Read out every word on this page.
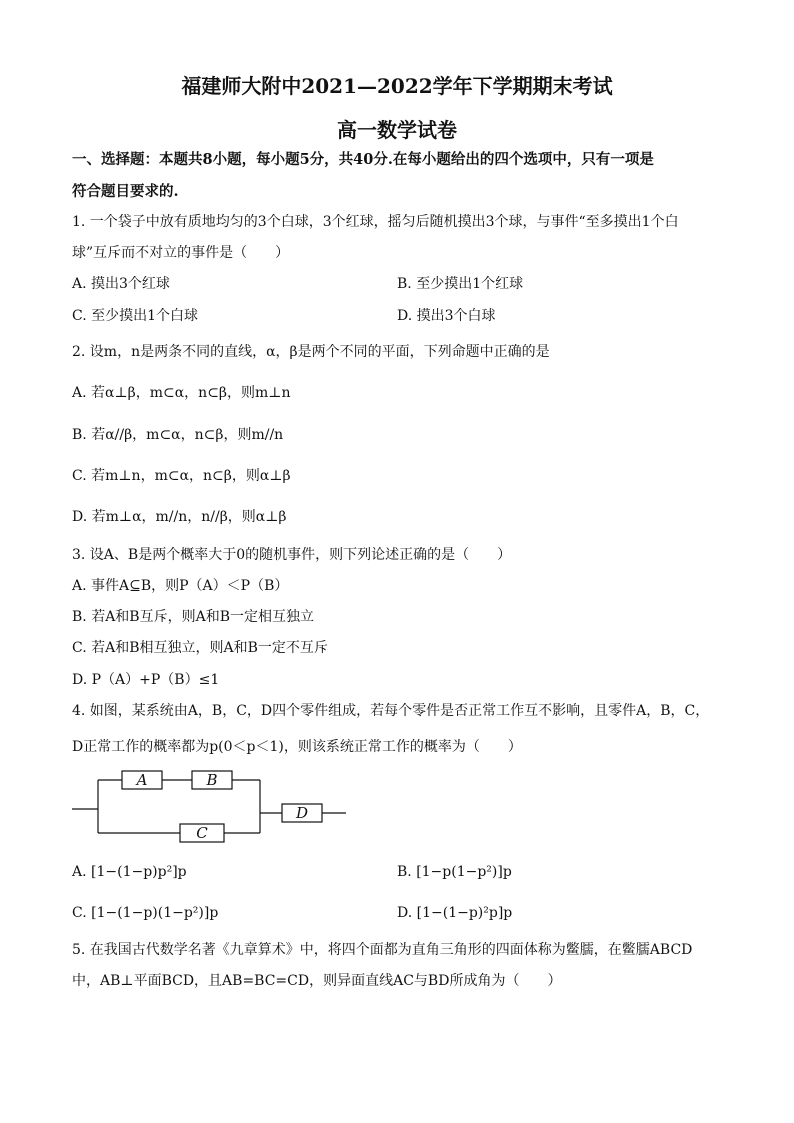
福建师大附中2021—2022学年下学期期末考试
高一数学试卷
一、选择题：本题共8小题，每小题5分，共40分.在每小题给出的四个选项中，只有一项是
符合题目要求的.
1. 一个袋子中放有质地均匀的3个白球，3个红球，摇匀后随机摸出3个球，与事件“至多摸出1个白
球”互斥而不对立的事件是（　　）
A. 摸出3个红球	B. 至少摸出1个红球
C. 至少摸出1个白球	D. 摸出3个白球
2. 设m，n是两条不同的直线，α，β是两个不同的平面，下列命题中正确的是
A. 若α⊥β，m⊂α，n⊂β，则m⊥n
B. 若α//β，m⊂α，n⊂β，则m//n
C. 若m⊥n，m⊂α，n⊂β，则α⊥β
D. 若m⊥α，m//n，n//β，则α⊥β
3. 设A、B是两个概率大于0的随机事件，则下列论述正确的是（　　）
A. 事件A⊆B，则P（A）＜P（B）
B. 若A和B互斥，则A和B一定相互独立
C. 若A和B相互独立，则A和B一定不互斥
D. P（A）+P（B）≤1
4. 如图，某系统由A，B，C，D四个零件组成，若每个零件是否正常工作互不影响，且零件A，B，C，
D正常工作的概率都为p(0＜p＜1)，则该系统正常工作的概率为（　　）
A	B
C
D
A. [1−(1−p)p²]p	B. [1−p(1−p²)]p
C. [1−(1−p)(1−p²)]p	D. [1−(1−p)²p]p
5. 在我国古代数学名著《九章算术》中，将四个面都为直角三角形的四面体称为鳖臑，在鳖臑ABCD
中，AB⊥平面BCD，且AB=BC=CD，则异面直线AC与BD所成角为（　　）
